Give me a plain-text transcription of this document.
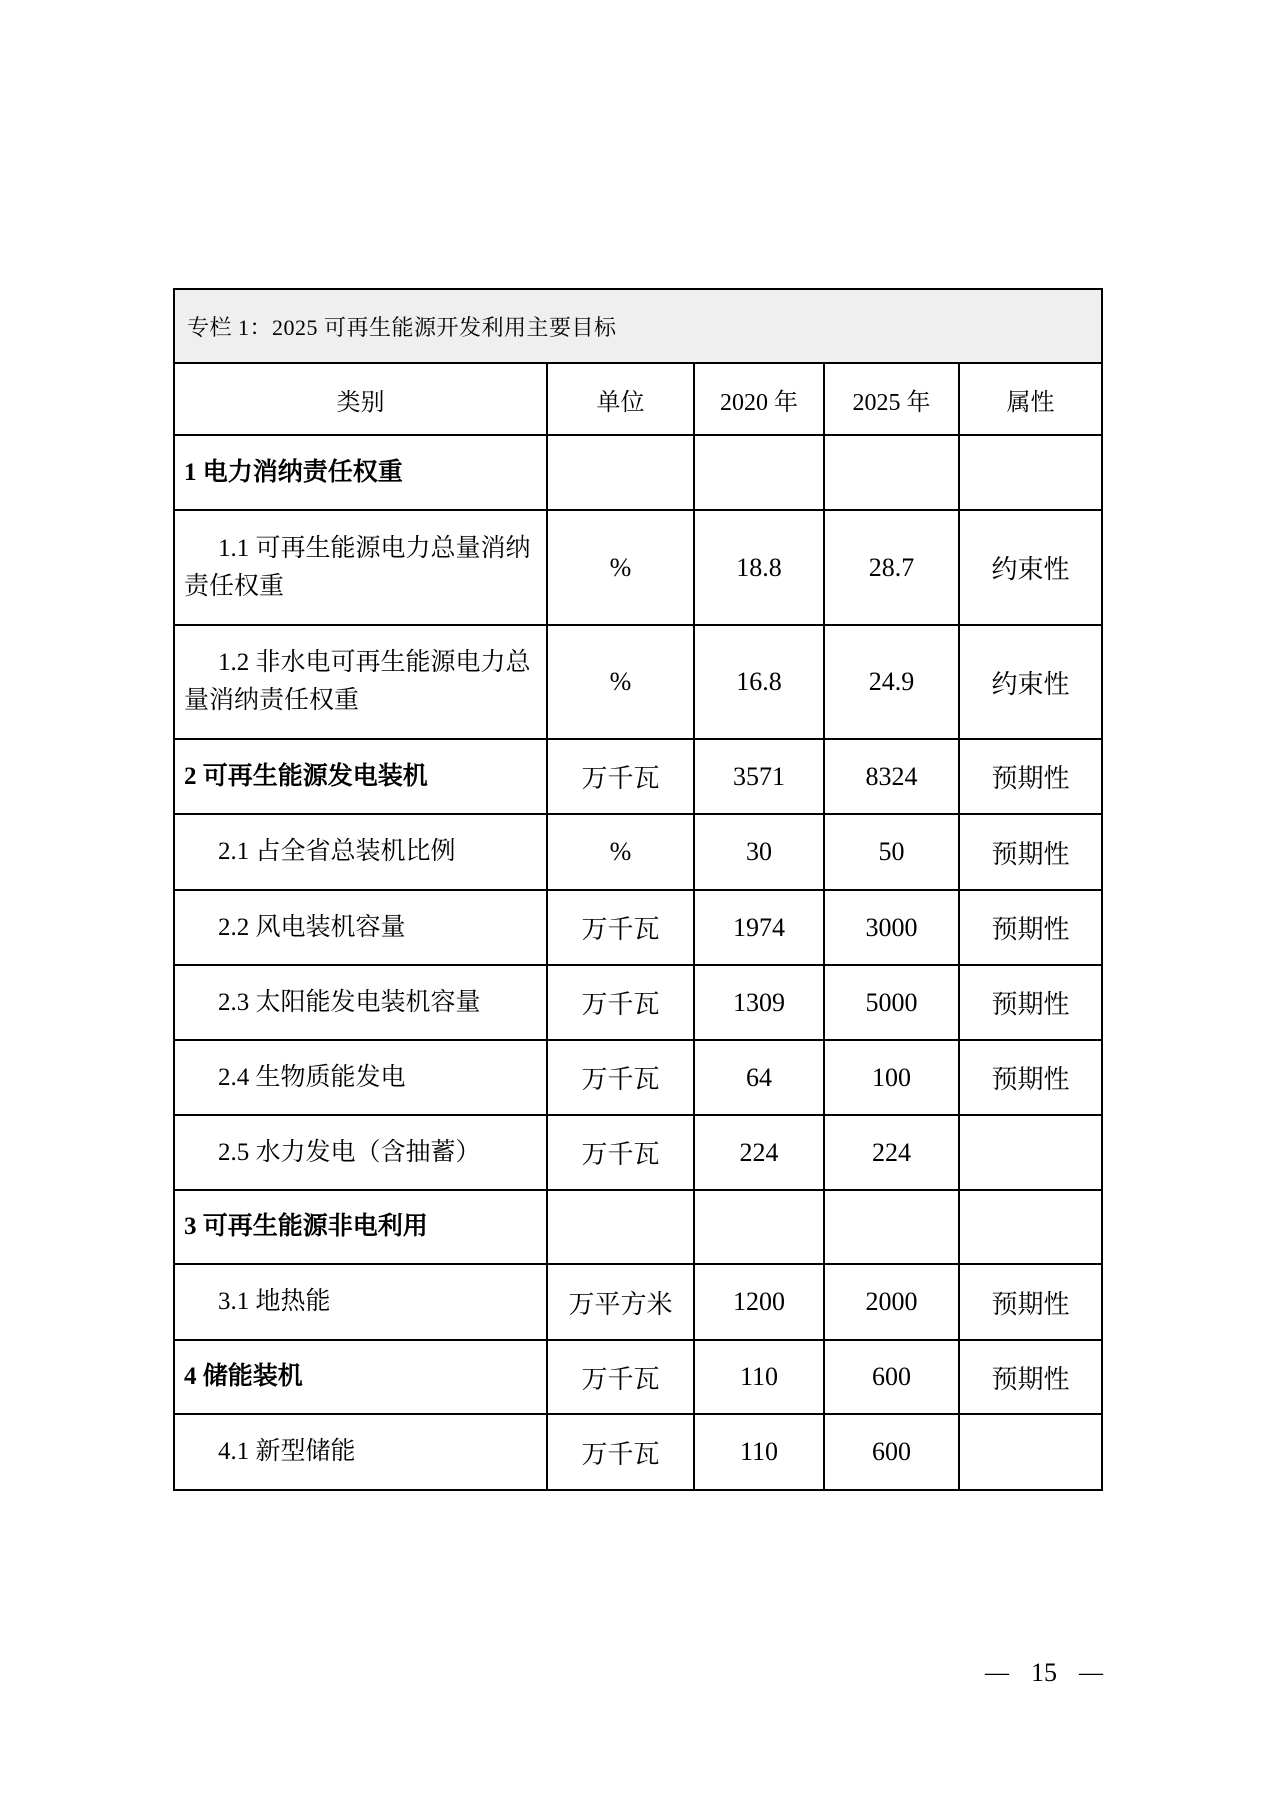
专栏 1：2025 可再生能源开发利用主要目标				
类别	单位	2020 年	2025 年	属性
1 电力消纳责任权重				
1.1 可再生能源电力总量消纳责任权重	%	18.8	28.7	约束性
1.2 非水电可再生能源电力总量消纳责任权重	%	16.8	24.9	约束性
2 可再生能源发电装机	万千瓦	3571	8324	预期性
2.1 占全省总装机比例	%	30	50	预期性
2.2 风电装机容量	万千瓦	1974	3000	预期性
2.3 太阳能发电装机容量	万千瓦	1309	5000	预期性
2.4 生物质能发电	万千瓦	64	100	预期性
2.5 水力发电（含抽蓄）	万千瓦	224	224	
3 可再生能源非电利用				
3.1 地热能	万平方米	1200	2000	预期性
4 储能装机	万千瓦	110	600	预期性
4.1 新型储能	万千瓦	110	600	
— 15 —
